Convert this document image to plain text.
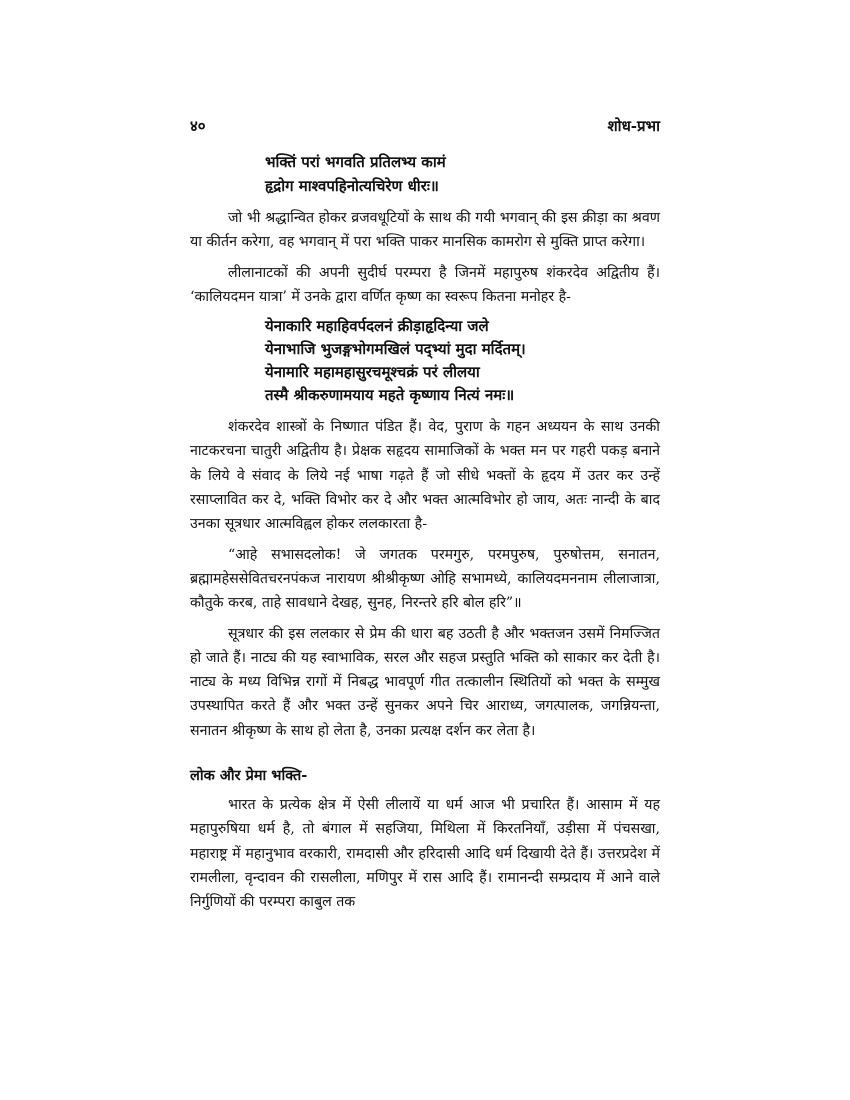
४०	शोध-प्रभा
भक्तिं परां भगवति प्रतिलभ्य कामं
हृद्रोग माश्वपहिनोत्यचिरेण धीरः॥

जो भी श्रद्धान्वित होकर व्रजवधूटियों के साथ की गयी भगवान् की इस क्रीड़ा का श्रवण या कीर्तन करेगा, वह भगवान् में परा भक्ति पाकर मानसिक कामरोग से मुक्ति प्राप्त करेगा।

लीलानाटकों की अपनी सुदीर्घ परम्परा है जिनमें महापुरुष शंकरदेव अद्वितीय हैं। ‘कालियदमन यात्रा’ में उनके द्वारा वर्णित कृष्ण का स्वरूप कितना मनोहर है-

येनाकारि महाहिवर्पदलनं क्रीड़ाहृदिन्या जले
येनाभाजि भुजङ्गभोगमखिलं पद्भ्यां मुदा मर्दितम्।
येनामारि महामहासुरचमूश्चक्रं परं लीलया
तस्मै श्रीकरुणामयाय महते कृष्णाय नित्यं नमः॥

शंकरदेव शास्त्रों के निष्णात पंडित हैं। वेद, पुराण के गहन अध्ययन के साथ उनकी नाटकरचना चातुरी अद्वितीय है। प्रेक्षक सहृदय सामाजिकों के भक्त मन पर गहरी पकड़ बनाने के लिये वे संवाद के लिये नई भाषा गढ़ते हैं जो सीधे भक्तों के हृदय में उतर कर उन्हें रसाप्लावित कर दे, भक्ति विभोर कर दे और भक्त आत्मविभोर हो जाय, अतः नान्दी के बाद उनका सूत्रधार आत्मविह्वल होकर ललकारता है-

“आहे सभासदलोक! जे जगतक परमगुरु, परमपुरुष, पुरुषोत्तम, सनातन, ब्रह्मामहेससेवितचरनपंकज नारायण श्रीश्रीकृष्ण ओहि सभामध्ये, कालियदमननाम लीलाजात्रा, कौतुके करब, ताहे सावधाने देखह, सुनह, निरन्तरे हरि बोल हरि”॥

सूत्रधार की इस ललकार से प्रेम की धारा बह उठती है और भक्तजन उसमें निमज्जित हो जाते हैं। नाट्य की यह स्वाभाविक, सरल और सहज प्रस्तुति भक्ति को साकार कर देती है। नाट्य के मध्य विभिन्न रागों में निबद्ध भावपूर्ण गीत तत्कालीन स्थितियों को भक्त के सम्मुख उपस्थापित करते हैं और भक्त उन्हें सुनकर अपने चिर आराध्य, जगत्पालक, जगन्नियन्ता, सनातन श्रीकृष्ण के साथ हो लेता है, उनका प्रत्यक्ष दर्शन कर लेता है।

लोक और प्रेमा भक्ति-

भारत के प्रत्येक क्षेत्र में ऐसी लीलायें या धर्म आज भी प्रचारित हैं। आसाम में यह महापुरुषिया धर्म है, तो बंगाल में सहजिया, मिथिला में किरतनियाँ, उड़ीसा में पंचसखा, महाराष्ट्र में महानुभाव वरकारी, रामदासी और हरिदासी आदि धर्म दिखायी देते हैं। उत्तरप्रदेश में रामलीला, वृन्दावन की रासलीला, मणिपुर में रास आदि हैं। रामानन्दी सम्प्रदाय में आने वाले निर्गुणियों की परम्परा काबुल तक
